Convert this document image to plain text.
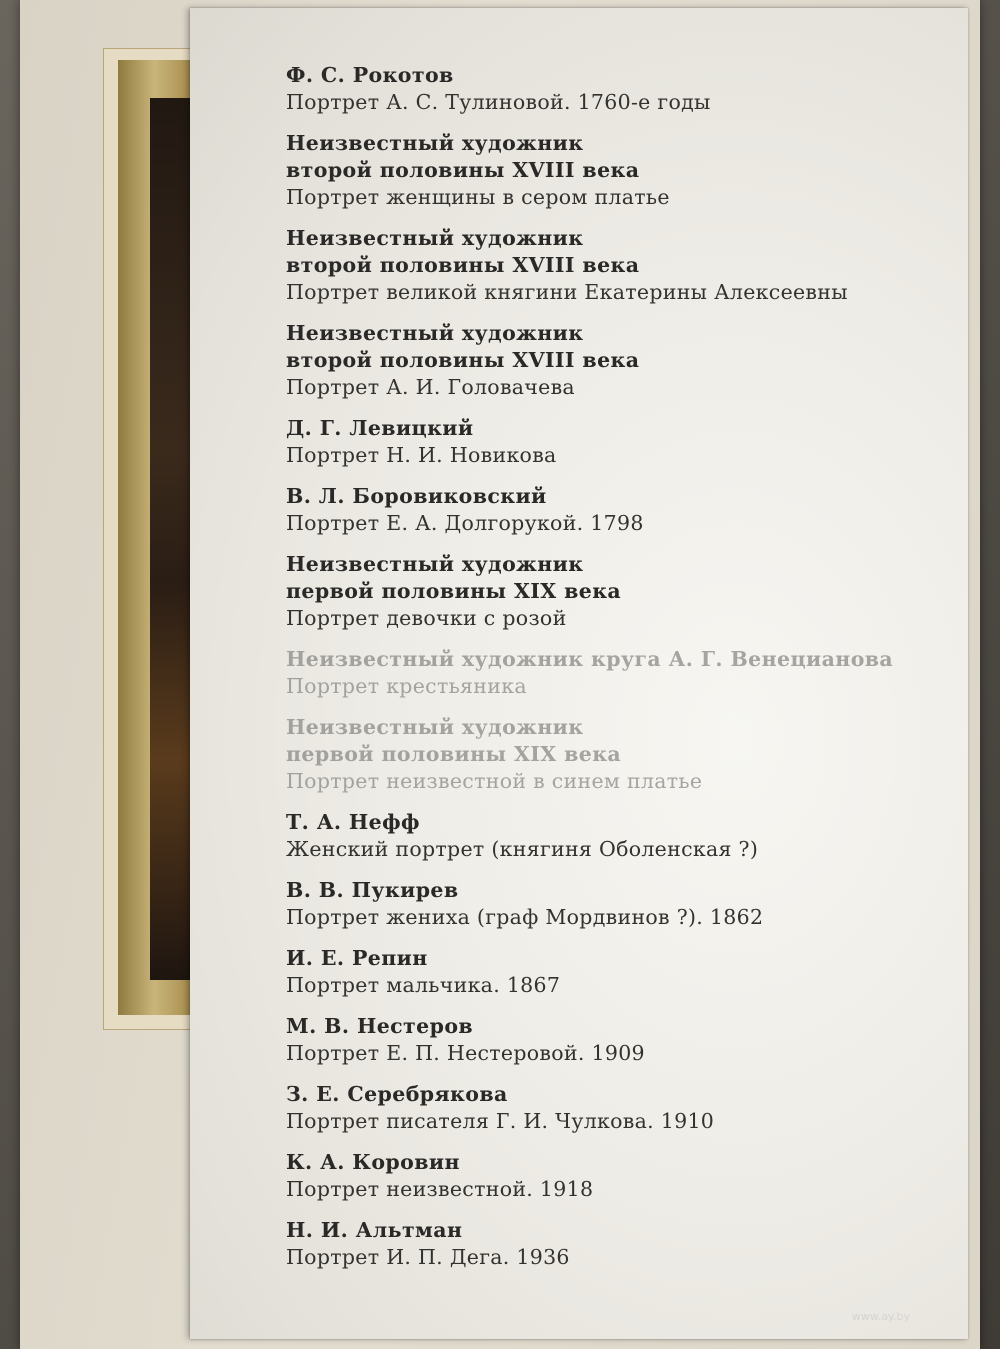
Ф. С. Рокотов
Портрет А. С. Тулиновой. 1760-е годы
Неизвестный художник
второй половины XVIII века
Портрет женщины в сером платье
Неизвестный художник
второй половины XVIII века
Портрет великой княгини Екатерины Алексеевны
Неизвестный художник
второй половины XVIII века
Портрет А. И. Головачева
Д. Г. Левицкий
Портрет Н. И. Новикова
В. Л. Боровиковский
Портрет Е. А. Долгорукой. 1798
Неизвестный художник
первой половины XIX века
Портрет девочки с розой
Неизвестный художник круга А. Г. Венецианова
Портрет крестьяника
Неизвестный художник
первой половины XIX века
Портрет неизвестной в синем платье
Т. А. Нефф
Женский портрет (княгиня Оболенская ?)
В. В. Пукирев
Портрет жениха (граф Мордвинов ?). 1862
И. Е. Репин
Портрет мальчика. 1867
М. В. Нестеров
Портрет Е. П. Нестеровой. 1909
З. Е. Серебрякова
Портрет писателя Г. И. Чулкова. 1910
К. А. Коровин
Портрет неизвестной. 1918
Н. И. Альтман
Портрет И. П. Дега. 1936
www.ay.by
